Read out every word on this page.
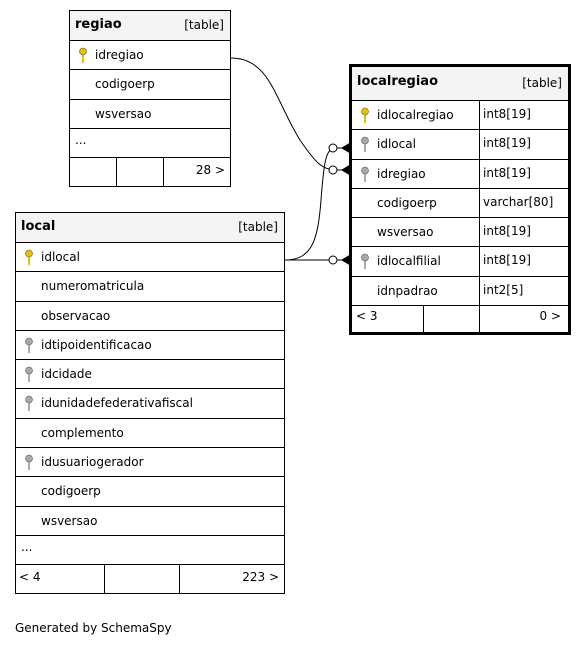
regiao	[table]
idregiao
codigoerp
wsversao
...
28 >
local	[table]
idlocal
numeromatricula
observacao
idtipoidentificacao
idcidade
idunidadefederativafiscal
complemento
idusuariogerador
codigoerp
wsversao
...
< 4	223 >
localregiao	[table]
idlocalregiao	int8[19]
idlocal	int8[19]
idregiao	int8[19]
codigoerp	varchar[80]
wsversao	int8[19]
idlocalfilial	int8[19]
idnpadrao	int2[5]
< 3	0 >
Generated by SchemaSpy
